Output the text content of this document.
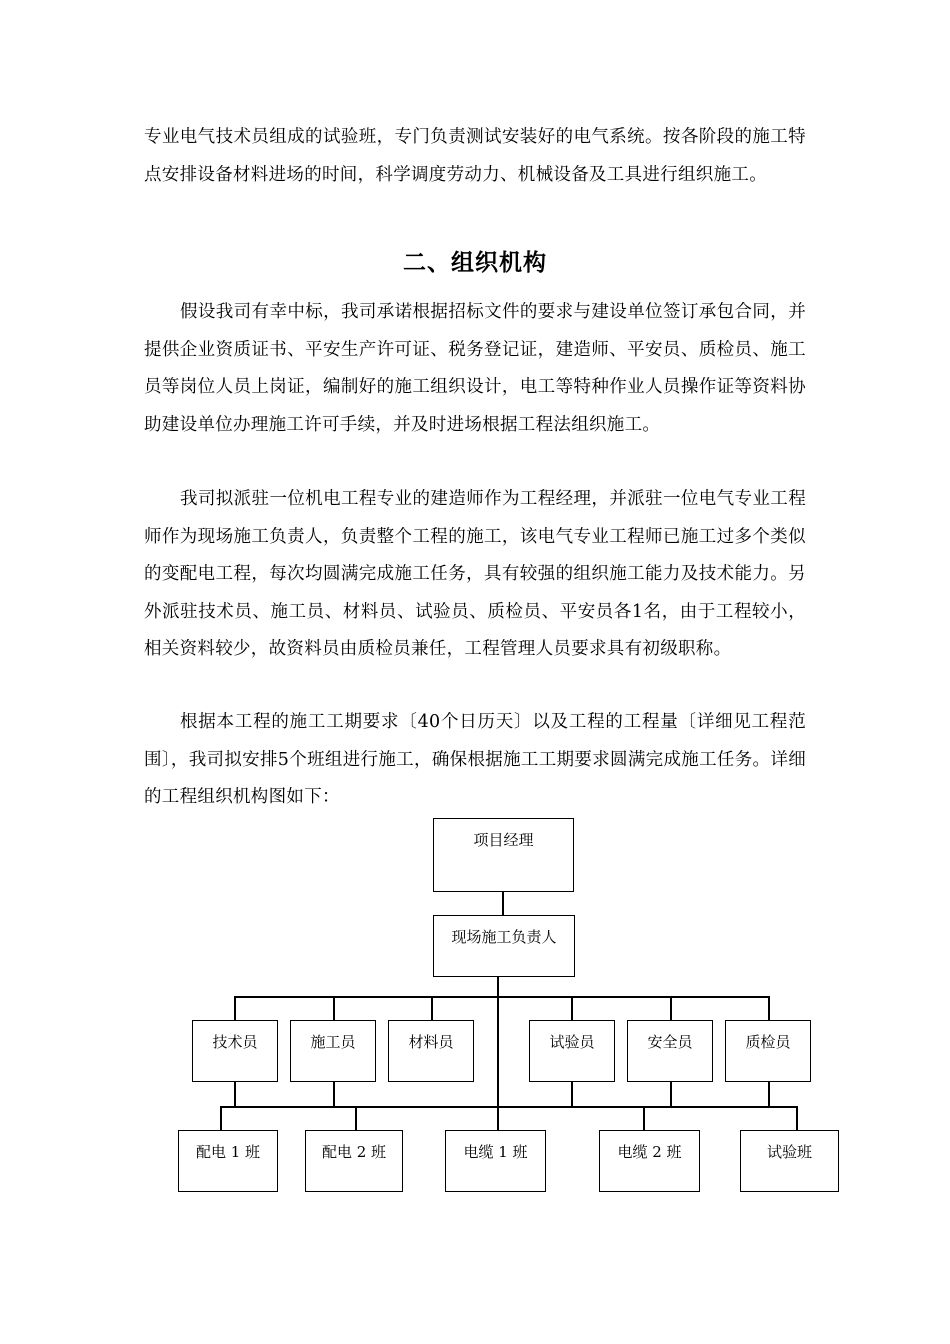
专业电气技术员组成的试验班，专门负责测试安装好的电气系统。按各阶段的施工特点安排设备材料进场的时间，科学调度劳动力、机械设备及工具进行组织施工。

二、组织机构

假设我司有幸中标，我司承诺根据招标文件的要求与建设单位签订承包合同，并提供企业资质证书、平安生产许可证、税务登记证，建造师、平安员、质检员、施工员等岗位人员上岗证，编制好的施工组织设计，电工等特种作业人员操作证等资料协助建设单位办理施工许可手续，并及时进场根据工程法组织施工。

我司拟派驻一位机电工程专业的建造师作为工程经理，并派驻一位电气专业工程师作为现场施工负责人，负责整个工程的施工，该电气专业工程师已施工过多个类似的变配电工程，每次均圆满完成施工任务，具有较强的组织施工能力及技术能力。另外派驻技术员、施工员、材料员、试验员、质检员、平安员各1名，由于工程较小，相关资料较少，故资料员由质检员兼任，工程管理人员要求具有初级职称。

根据本工程的施工工期要求〔40个日历天〕以及工程的工程量〔详细见工程范围〕，我司拟安排5个班组进行施工，确保根据施工工期要求圆满完成施工任务。详细的工程组织机构图如下：

项目经理
现场施工负责人
技术员	施工员	材料员	试验员	安全员	质检员
配电 1 班	配电 2 班	电缆 1 班	电缆 2 班	试验班
